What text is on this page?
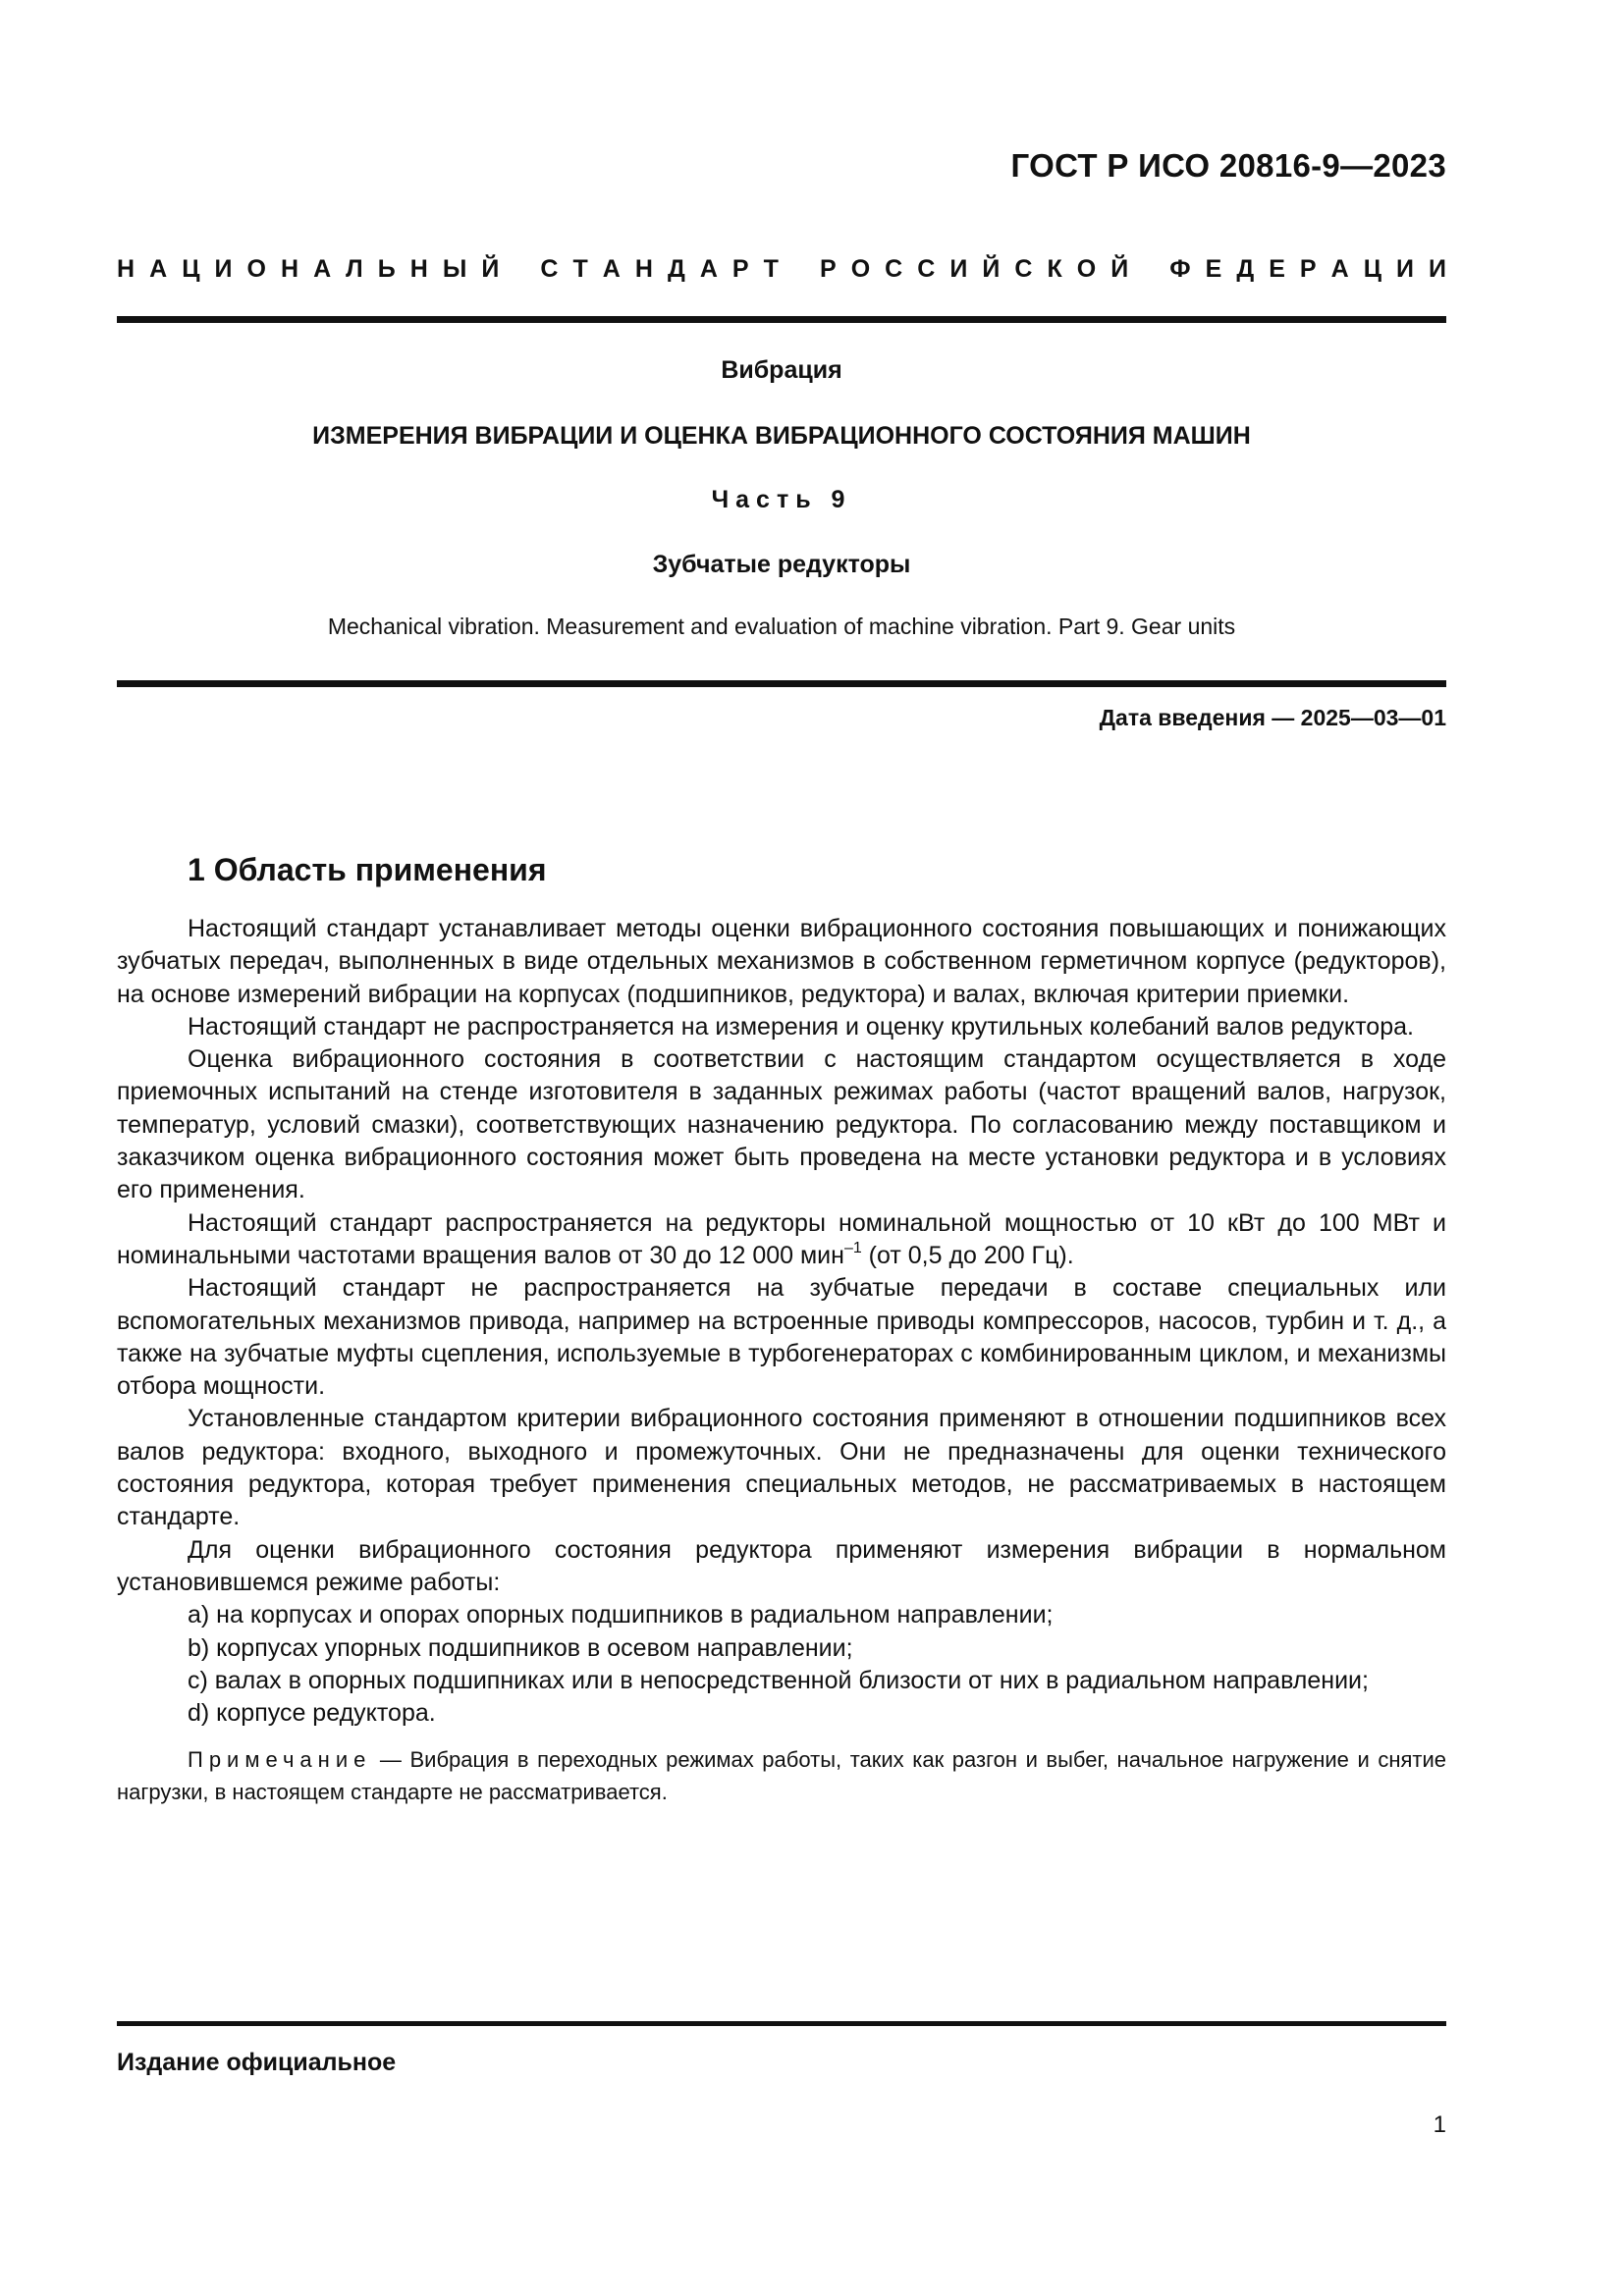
ГОСТ Р ИСО 20816-9—2023
Н А Ц И О Н А Л Ь Н Ы Й
С Т А Н Д А Р Т
Р О С С И Й С К О Й
Ф Е Д Е Р А Ц И И
Вибрация
ИЗМЕРЕНИЯ ВИБРАЦИИ И ОЦЕНКА ВИБРАЦИОННОГО СОСТОЯНИЯ МАШИН
Часть 9
Зубчатые редукторы
Mechanical vibration. Measurement and evaluation of machine vibration. Part 9. Gear units
Дата введения — 2025—03—01
1 Область применения

Настоящий стандарт устанавливает методы оценки вибрационного состояния повышающих и понижающих зубчатых передач, выполненных в виде отдельных механизмов в собственном герметичном корпусе (редукторов), на основе измерений вибрации на корпусах (подшипников, редуктора) и валах, включая критерии приемки.

Настоящий стандарт не распространяется на измерения и оценку крутильных колебаний валов редуктора.

Оценка вибрационного состояния в соответствии с настоящим стандартом осуществляется в ходе приемочных испытаний на стенде изготовителя в заданных режимах работы (частот вращений валов, нагрузок, температур, условий смазки), соответствующих назначению редуктора. По согласованию между поставщиком и заказчиком оценка вибрационного состояния может быть проведена на месте установки редуктора и в условиях его применения.

Настоящий стандарт распространяется на редукторы номинальной мощностью от 10 кВт до 100 МВт и номинальными частотами вращения валов от 30 до 12 000 мин$^{-1}$ (от 0,5 до 200 Гц).

Настоящий стандарт не распространяется на зубчатые передачи в составе специальных или вспомогательных механизмов привода, например на встроенные приводы компрессоров, насосов, турбин и т. д., а также на зубчатые муфты сцепления, используемые в турбогенераторах с комбинированным циклом, и механизмы отбора мощности.

Установленные стандартом критерии вибрационного состояния применяют в отношении подшипников всех валов редуктора: входного, выходного и промежуточных. Они не предназначены для оценки технического состояния редуктора, которая требует применения специальных методов, не рассматриваемых в настоящем стандарте.

Для оценки вибрационного состояния редуктора применяют измерения вибрации в нормальном установившемся режиме работы:

a) на корпусах и опорах опорных подшипников в радиальном направлении;

b) корпусах упорных подшипников в осевом направлении;

c) валах в опорных подшипниках или в непосредственной близости от них в радиальном направлении;

d) корпусе редуктора.

Примечание — Вибрация в переходных режимах работы, таких как разгон и выбег, начальное нагружение и снятие нагрузки, в настоящем стандарте не рассматривается.

Издание официальное
1
